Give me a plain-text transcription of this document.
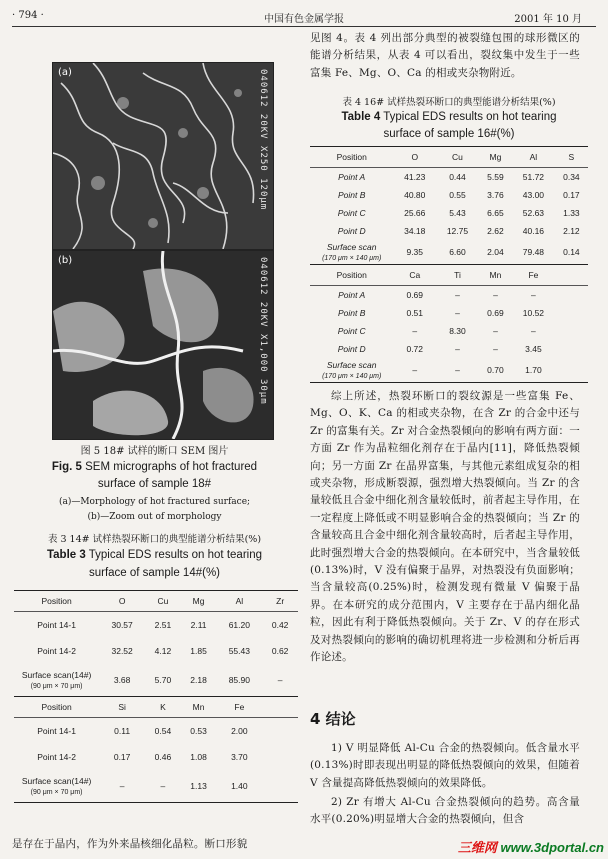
· 794 ·	中国有色金属学报	2001 年 10 月
(a)	040612 20KV X250 120μm
(b)	040612 20KV X1,000 30μm
图 5 18# 试样的断口 SEM 图片
Fig. 5 SEM micrographs of hot fractured
surface of sample 18#
(a)—Morphology of hot fractured surface;
(b)—Zoom out of morphology
表 3 14# 试样热裂环断口的典型能谱分析结果(%)
Table 3 Typical EDS results on hot tearing
surface of sample 14#(%)
Position	O	Cu	Mg	Al	Zr
Point 14-1	30.57	2.51	2.11	61.20	0.42
Point 14-2	32.52	4.12	1.85	55.43	0.62
Surface scan(14#)
(90 μm × 70 μm)	3.68	5.70	2.18	85.90	–
Position	Si	K	Mn	Fe	
Point 14-1	0.11	0.54	0.53	2.00	
Point 14-2	0.17	0.46	1.08	3.70	
Surface scan(14#)
(90 μm × 70 μm)	–	–	1.13	1.40	
是存在于晶内，作为外来晶核细化晶粒。断口形貌
见图 4。表 4 列出部分典型的被裂缝包围的球形微区的能谱分析结果，从表 4 可以看出，裂纹集中发生于一些富集 Fe、Mg、O、Ca 的相或夹杂物附近。
表 4 16# 试样热裂环断口的典型能谱分析结果(%)
Table 4 Typical EDS results on hot tearing
surface of sample 16#(%)
Position	O	Cu	Mg	Al	S
Point A	41.23	0.44	5.59	51.72	0.34
Point B	40.80	0.55	3.76	43.00	0.17
Point C	25.66	5.43	6.65	52.63	1.33
Point D	34.18	12.75	2.62	40.16	2.12
Surface scan
(170 μm × 140 μm)	9.35	6.60	2.04	79.48	0.14
Position	Ca	Ti	Mn	Fe	
Point A	0.69	–	–	–	
Point B	0.51	–	0.69	10.52	
Point C	–	8.30	–	–	
Point D	0.72	–	–	3.45	
Surface scan
(170 μm × 140 μm)	–	–	0.70	1.70	
综上所述，热裂环断口的裂纹源是一些富集 Fe、Mg、O、K、Ca 的相或夹杂物，在含 Zr 的合金中还与 Zr 的富集有关。Zr 对合金热裂倾向的影响有两方面：一方面 Zr 作为晶粒细化剂存在于晶内[11]，降低热裂倾向；另一方面 Zr 在晶界富集，与其他元素组成复杂的相或夹杂物，形成断裂源，强烈增大热裂倾向。当 Zr 的含量较低且合金中细化剂含量较低时，前者起主导作用，在一定程度上降低或不明显影响合金的热裂倾向；当 Zr 的含量较高且合金中细化剂含量较高时，后者起主导作用，此时强烈增大合金的热裂倾向。在本研究中，当含量较低(0.13%)时，V 没有偏聚于晶界，对热裂没有负面影响；当含量较高(0.25%)时，检测发现有微量 V 偏聚于晶界。在本研究的成分范围内，V 主要存在于晶内细化晶粒，因此有利于降低热裂倾向。关于 Zr、V 的存在形式及对热裂倾向的影响的确切机理将进一步检测和分析后再作论述。
4 结论
1) V 明显降低 Al-Cu 合金的热裂倾向。低含量水平(0.13%)时即表现出明显的降低热裂倾向的效果，但随着 V 含量提高降低热裂倾向的效果降低。
2) Zr 有增大 Al-Cu 合金热裂倾向的趋势。高含量水平(0.20%)明显增大合金的热裂倾向，但含
三维网 www.3dportal.cn
